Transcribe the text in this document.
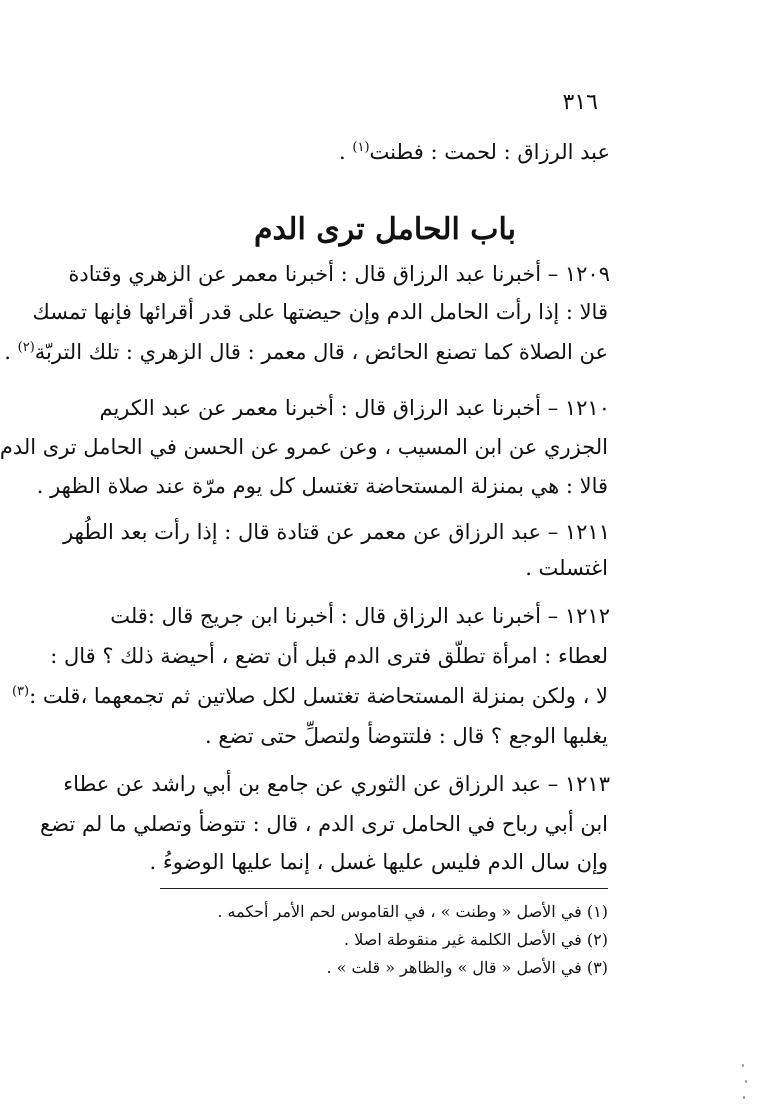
٣١٦
عبد الرزاق : لحمت : فطنت$^{(١)}$ .
باب الحامل ترى الدم
١٢٠٩ – أخبرنا عبد الرزاق قال : أخبرنا معمر عن الزهري وقتادة
قالا : إذا رأت الحامل الدم وإن حيضتها على قدر أقرائها فإنها تمسك
عن الصلاة كما تصنع الحائض ، قال معمر : قال الزهري : تلك التربّة$^{(٢)}$ .
١٢١٠ – أخبرنا عبد الرزاق قال : أخبرنا معمر عن عبد الكريم
الجزري عن ابن المسيب ، وعن عمرو عن الحسن في الحامل ترى الدم
قالا : هي بمنزلة المستحاضة تغتسل كل يوم مرّة عند صلاة الظهر .
١٢١١ – عبد الرزاق عن معمر عن قتادة قال : إذا رأت بعد الطُهر
اغتسلت .
١٢١٢ – أخبرنا عبد الرزاق قال : أخبرنا ابن جريج قال :قلت
لعطاء : امرأة تطلّق فترى الدم قبل أن تضع ، أحيضة ذلك ؟ قال :
لا ، ولكن بمنزلة المستحاضة تغتسل لكل صلاتين ثم تجمعهما ،قلت :$^{(٣)}$
يغلبها الوجع ؟ قال : فلتتوضأ ولتصلِّ حتى تضع .
١٢١٣ – عبد الرزاق عن الثوري عن جامع بن أبي راشد عن عطاء
ابن أبي رباح في الحامل ترى الدم ، قال : تتوضأ وتصلي ما لم تضع
وإن سال الدم فليس عليها غسل ، إنما عليها الوضوءُ .
(١) في الأصل « وطنت » ، في القاموس لحم الأمر أحكمه .
(٢) في الأصل الكلمة غير منقوطة اصلا .
(٣) في الأصل « قال » والظاهر « قلت » .
